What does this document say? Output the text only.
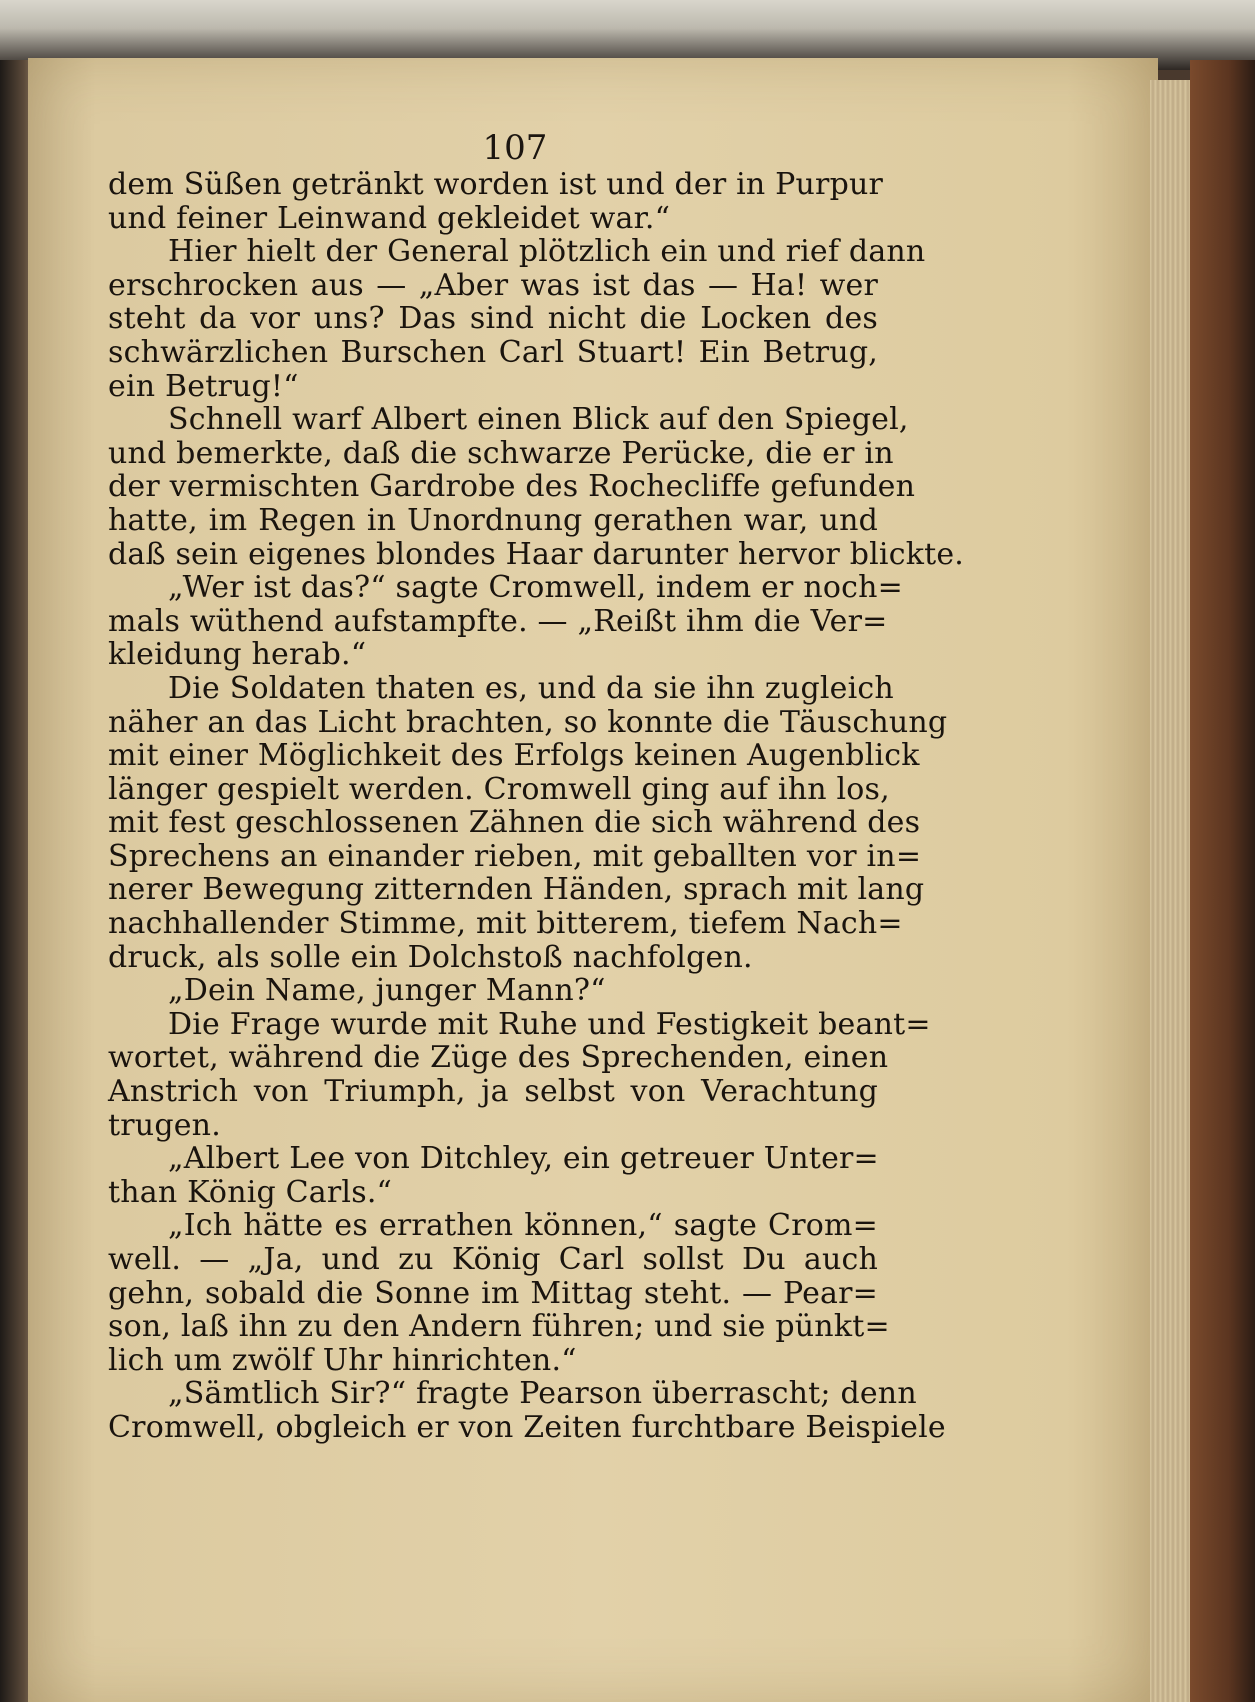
107
dem Süßen getränkt worden ist und der in Purpur
und feiner Leinwand gekleidet war.“
Hier hielt der General plötzlich ein und rief dann
erschrocken aus — „Aber was ist das — Ha! wer
steht da vor uns? Das sind nicht die Locken des
schwärzlichen Burschen Carl Stuart! Ein Betrug,
ein Betrug!“
Schnell warf Albert einen Blick auf den Spiegel,
und bemerkte, daß die schwarze Perücke, die er in
der vermischten Gardrobe des Rochecliffe gefunden
hatte, im Regen in Unordnung gerathen war, und
daß sein eigenes blondes Haar darunter hervor blickte.
„Wer ist das?“ sagte Cromwell, indem er noch=
mals wüthend aufstampfte. — „Reißt ihm die Ver=
kleidung herab.“
Die Soldaten thaten es, und da sie ihn zugleich
näher an das Licht brachten, so konnte die Täuschung
mit einer Möglichkeit des Erfolgs keinen Augenblick
länger gespielt werden. Cromwell ging auf ihn los,
mit fest geschlossenen Zähnen die sich während des
Sprechens an einander rieben, mit geballten vor in=
nerer Bewegung zitternden Händen, sprach mit lang
nachhallender Stimme, mit bitterem, tiefem Nach=
druck, als solle ein Dolchstoß nachfolgen.
„Dein Name, junger Mann?“
Die Frage wurde mit Ruhe und Festigkeit beant=
wortet, während die Züge des Sprechenden, einen
Anstrich von Triumph, ja selbst von Verachtung
trugen.
„Albert Lee von Ditchley, ein getreuer Unter=
than König Carls.“
„Ich hätte es errathen können,“ sagte Crom=
well. — „Ja, und zu König Carl sollst Du auch
gehn, sobald die Sonne im Mittag steht. — Pear=
son, laß ihn zu den Andern führen; und sie pünkt=
lich um zwölf Uhr hinrichten.“
„Sämtlich Sir?“ fragte Pearson überrascht; denn
Cromwell, obgleich er von Zeiten furchtbare Beispiele
